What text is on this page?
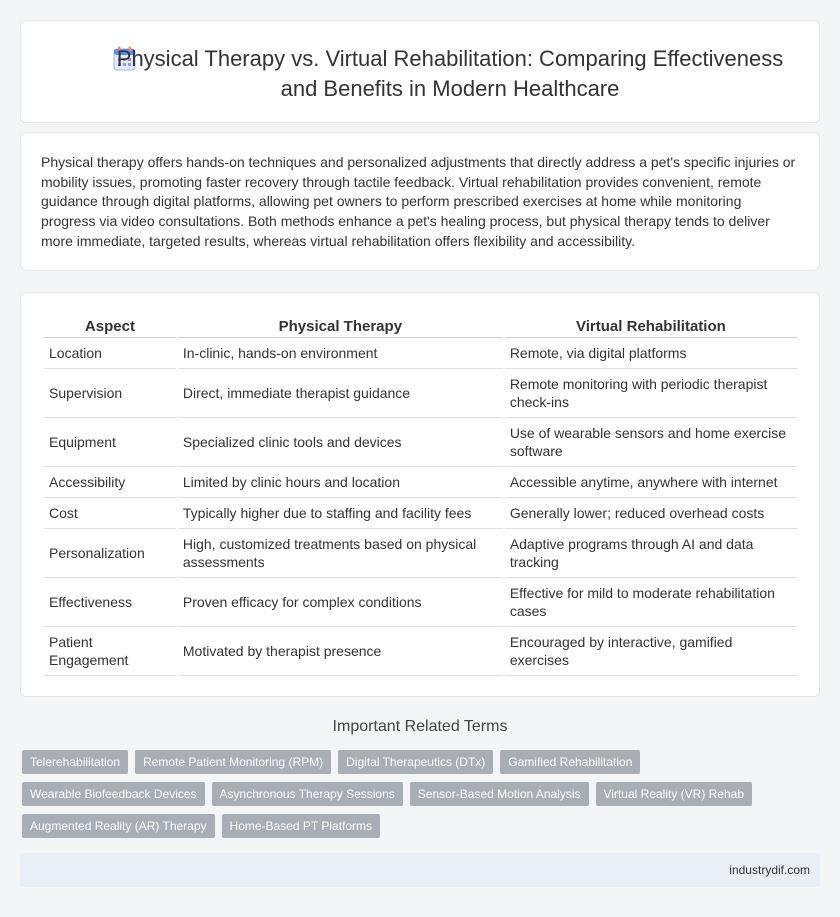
Physical Therapy vs. Virtual Rehabilitation: Comparing Effectiveness and Benefits in Modern Healthcare

Physical therapy offers hands-on techniques and personalized adjustments that directly address a pet's specific injuries or mobility issues, promoting faster recovery through tactile feedback. Virtual rehabilitation provides convenient, remote guidance through digital platforms, allowing pet owners to perform prescribed exercises at home while monitoring progress via video consultations. Both methods enhance a pet's healing process, but physical therapy tends to deliver more immediate, targeted results, whereas virtual rehabilitation offers flexibility and accessibility.

Aspect	Physical Therapy	Virtual Rehabilitation
Location	In-clinic, hands-on environment	Remote, via digital platforms
Supervision	Direct, immediate therapist guidance	Remote monitoring with periodic therapist check-ins
Equipment	Specialized clinic tools and devices	Use of wearable sensors and home exercise software
Accessibility	Limited by clinic hours and location	Accessible anytime, anywhere with internet
Cost	Typically higher due to staffing and facility fees	Generally lower; reduced overhead costs
Personalization	High, customized treatments based on physical assessments	Adaptive programs through AI and data tracking
Effectiveness	Proven efficacy for complex conditions	Effective for mild to moderate rehabilitation cases
Patient Engagement	Motivated by therapist presence	Encouraged by interactive, gamified exercises
Important Related Terms
Telerehabilitation	Remote Patient Monitoring (RPM)	Digital Therapeutics (DTx)	Gamified Rehabilitation
Wearable Biofeedback Devices	Asynchronous Therapy Sessions	Sensor-Based Motion Analysis	Virtual Reality (VR) Rehab
Augmented Reality (AR) Therapy	Home-Based PT Platforms
industrydif.com
